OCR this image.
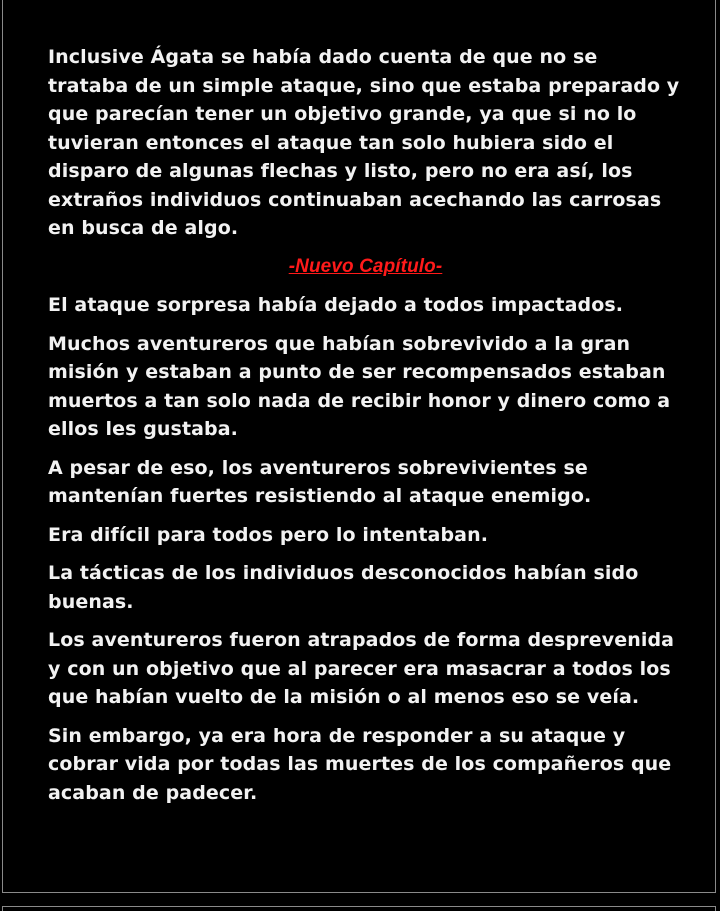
Inclusive Ágata se había dado cuenta de que no se trataba de un simple ataque, sino que estaba preparado y que parecían tener un objetivo grande, ya que si no lo tuvieran entonces el ataque tan solo hubiera sido el disparo de algunas flechas y listo, pero no era así, los extraños individuos continuaban acechando las carrosas en busca de algo.

-Nuevo Capítulo-

El ataque sorpresa había dejado a todos impactados.

Muchos aventureros que habían sobrevivido a la gran misión y estaban a punto de ser recompensados estaban muertos a tan solo nada de recibir honor y dinero como a ellos les gustaba.

A pesar de eso, los aventureros sobrevivientes se mantenían fuertes resistiendo al ataque enemigo.

Era difícil para todos pero lo intentaban.

La tácticas de los individuos desconocidos habían sido buenas.

Los aventureros fueron atrapados de forma desprevenida y con un objetivo que al parecer era masacrar a todos los que habían vuelto de la misión o al menos eso se veía.

Sin embargo, ya era hora de responder a su ataque y cobrar vida por todas las muertes de los compañeros que acaban de padecer.
